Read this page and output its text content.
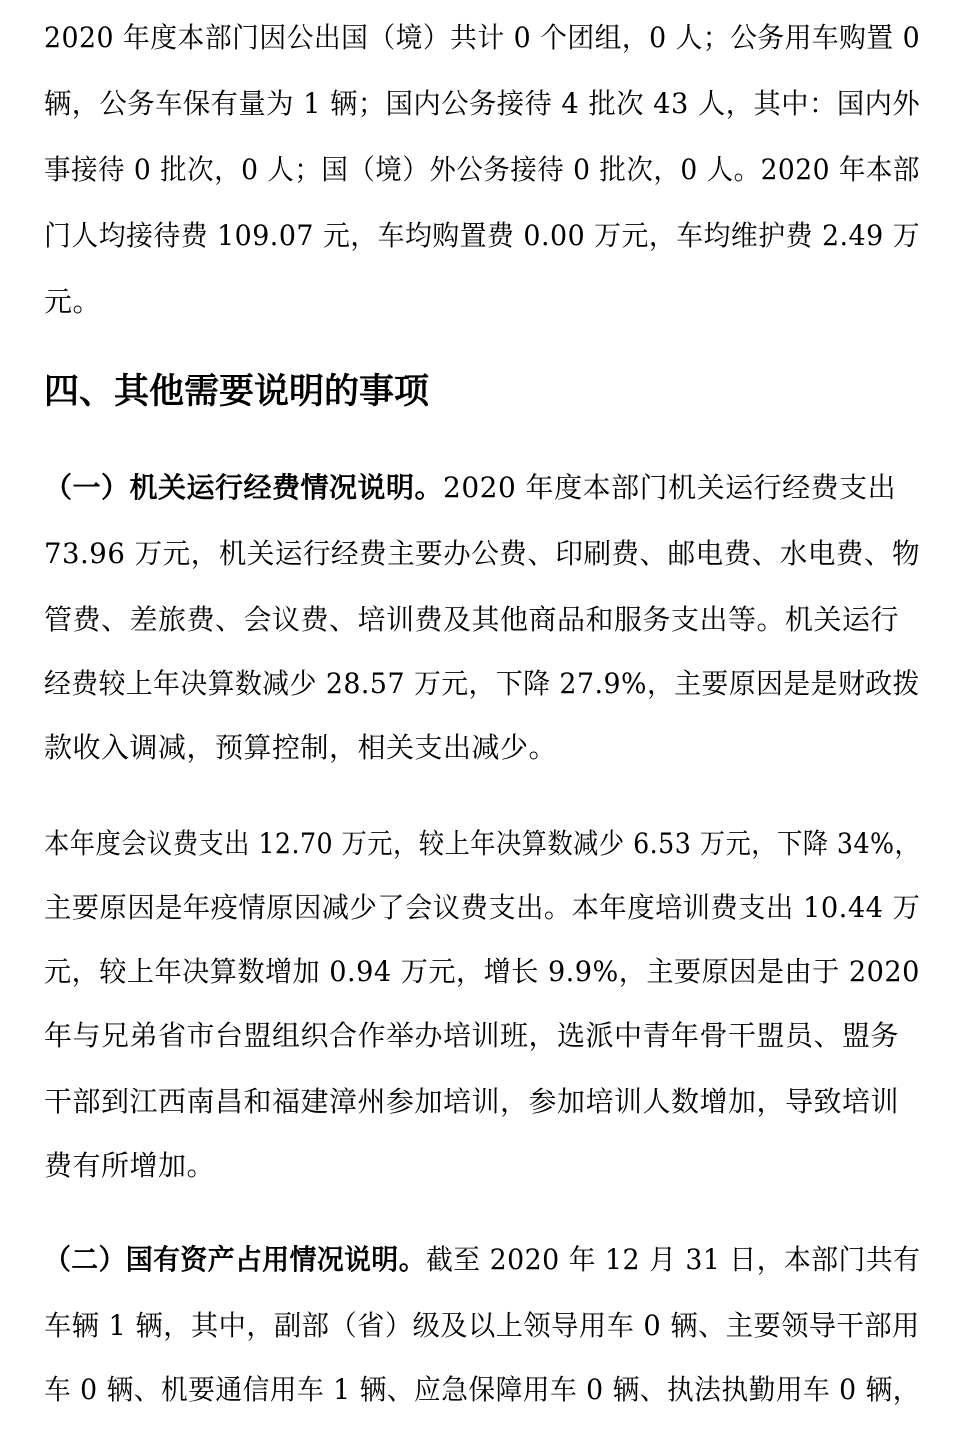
2020 年度本部门因公出国（境）共计 0 个团组，0 人；公务用车购置 0
辆，公务车保有量为 1 辆；国内公务接待 4 批次 43 人，其中：国内外
事接待 0 批次，0 人；国（境）外公务接待 0 批次，0 人。2020 年本部
门人均接待费 109.07 元，车均购置费 0.00 万元，车均维护费 2.49 万
元。
四、其他需要说明的事项
（一）机关运行经费情况说明。2020 年度本部门机关运行经费支出
73.96 万元，机关运行经费主要办公费、印刷费、邮电费、水电费、物
管费、差旅费、会议费、培训费及其他商品和服务支出等。机关运行
经费较上年决算数减少 28.57 万元，下降 27.9%，主要原因是是财政拨
款收入调减，预算控制，相关支出减少。
本年度会议费支出 12.70 万元，较上年决算数减少 6.53 万元，下降 34%，
主要原因是年疫情原因减少了会议费支出。本年度培训费支出 10.44 万
元，较上年决算数增加 0.94 万元，增长 9.9%，主要原因是由于 2020
年与兄弟省市台盟组织合作举办培训班，选派中青年骨干盟员、盟务
干部到江西南昌和福建漳州参加培训，参加培训人数增加，导致培训
费有所增加。
（二）国有资产占用情况说明。截至 2020 年 12 月 31 日，本部门共有
车辆 1 辆，其中，副部（省）级及以上领导用车 0 辆、主要领导干部用
车 0 辆、机要通信用车 1 辆、应急保障用车 0 辆、执法执勤用车 0 辆，
